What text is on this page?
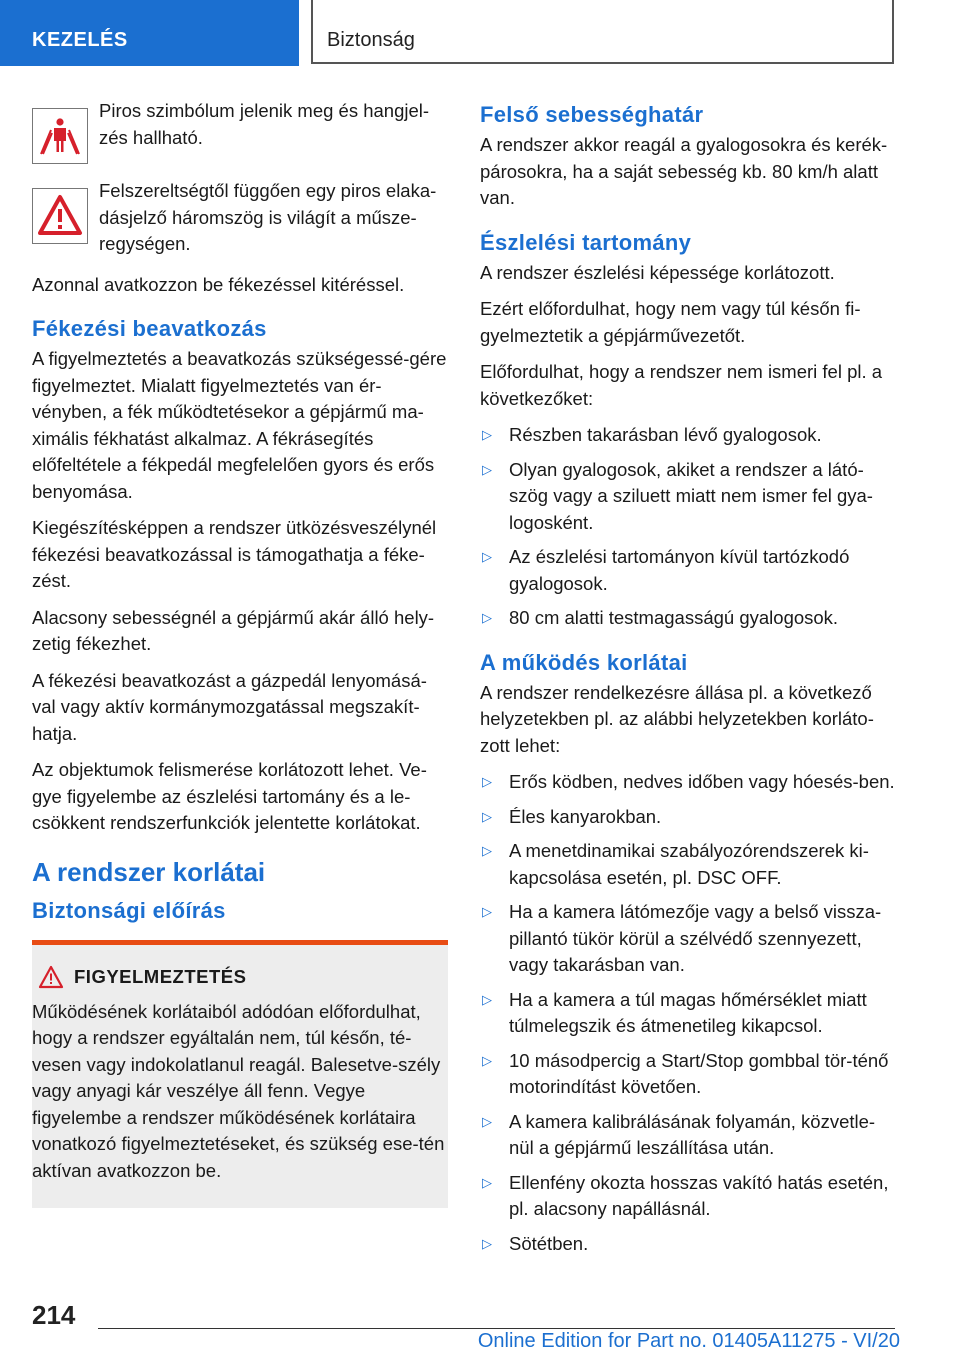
KEZELÉS	Biztonság
Piros szimbólum jelenik meg és hangjel-zés hallható.
Felszereltségtől függően egy piros elaka-dásjelző háromszög is világít a műsze-regységen.

Azonnal avatkozzon be fékezéssel kitéréssel.

Fékezési beavatkozás

A figyelmeztetés a beavatkozás szükségessé-gére figyelmeztet. Mialatt figyelmeztetés van ér-vényben, a fék működtetésekor a gépjármű ma-ximális fékhatást alkalmaz. A fékrásegítés előfeltétele a fékpedál megfelelően gyors és erős benyomása.

Kiegészítésképpen a rendszer ütközésveszélynél fékezési beavatkozással is támogathatja a féke-zést.

Alacsony sebességnél a gépjármű akár álló hely-zetig fékezhet.

A fékezési beavatkozást a gázpedál lenyomásá-val vagy aktív kormánymozgatással megszakít-hatja.

Az objektumok felismerése korlátozott lehet. Ve-gye figyelembe az észlelési tartomány és a le-csökkent rendszerfunkciók jelentette korlátokat.

A rendszer korlátai
Biztonsági előírás
FIGYELMEZTETÉS

Működésének korlátaiból adódóan előfordulhat, hogy a rendszer egyáltalán nem, túl későn, té-vesen vagy indokolatlanul reagál. Balesetve-szély vagy anyagi kár veszélye áll fenn. Vegye figyelembe a rendszer működésének korlátaira vonatkozó figyelmeztetéseket, és szükség ese-tén aktívan avatkozzon be.

Felső sebességhatár

A rendszer akkor reagál a gyalogosokra és kerék-párosokra, ha a saját sebesség kb. 80 km/h alatt van.

Észlelési tartomány

A rendszer észlelési képessége korlátozott.

Ezért előfordulhat, hogy nem vagy túl későn fi-gyelmeztetik a gépjárművezetőt.

Előfordulhat, hogy a rendszer nem ismeri fel pl. a következőket:

▷ Részben takarásban lévő gyalogosok.
▷ Olyan gyalogosok, akiket a rendszer a látó-szög vagy a sziluett miatt nem ismer fel gya-logosként.
▷ Az észlelési tartományon kívül tartózkodó gyalogosok.
▷ 80 cm alatti testmagasságú gyalogosok.
A működés korlátai

A rendszer rendelkezésre állása pl. a következő helyzetekben pl. az alábbi helyzetekben korláto-zott lehet:

▷ Erős ködben, nedves időben vagy hóesés-ben.
▷ Éles kanyarokban.
▷ A menetdinamikai szabályozórendszerek ki-kapcsolása esetén, pl. DSC OFF.
▷ Ha a kamera látómezője vagy a belső vissza-pillantó tükör körül a szélvédő szennyezett, vagy takarásban van.
▷ Ha a kamera a túl magas hőmérséklet miatt túlmelegszik és átmenetileg kikapcsol.
▷ 10 másodpercig a Start/Stop gombbal tör-ténő motorindítást követően.
▷ A kamera kalibrálásának folyamán, közvetle-nül a gépjármű leszállítása után.
▷ Ellenfény okozta hosszas vakító hatás esetén, pl. alacsony napállásnál.
▷ Sötétben.
214
Online Edition for Part no. 01405A11275 - VI/20
